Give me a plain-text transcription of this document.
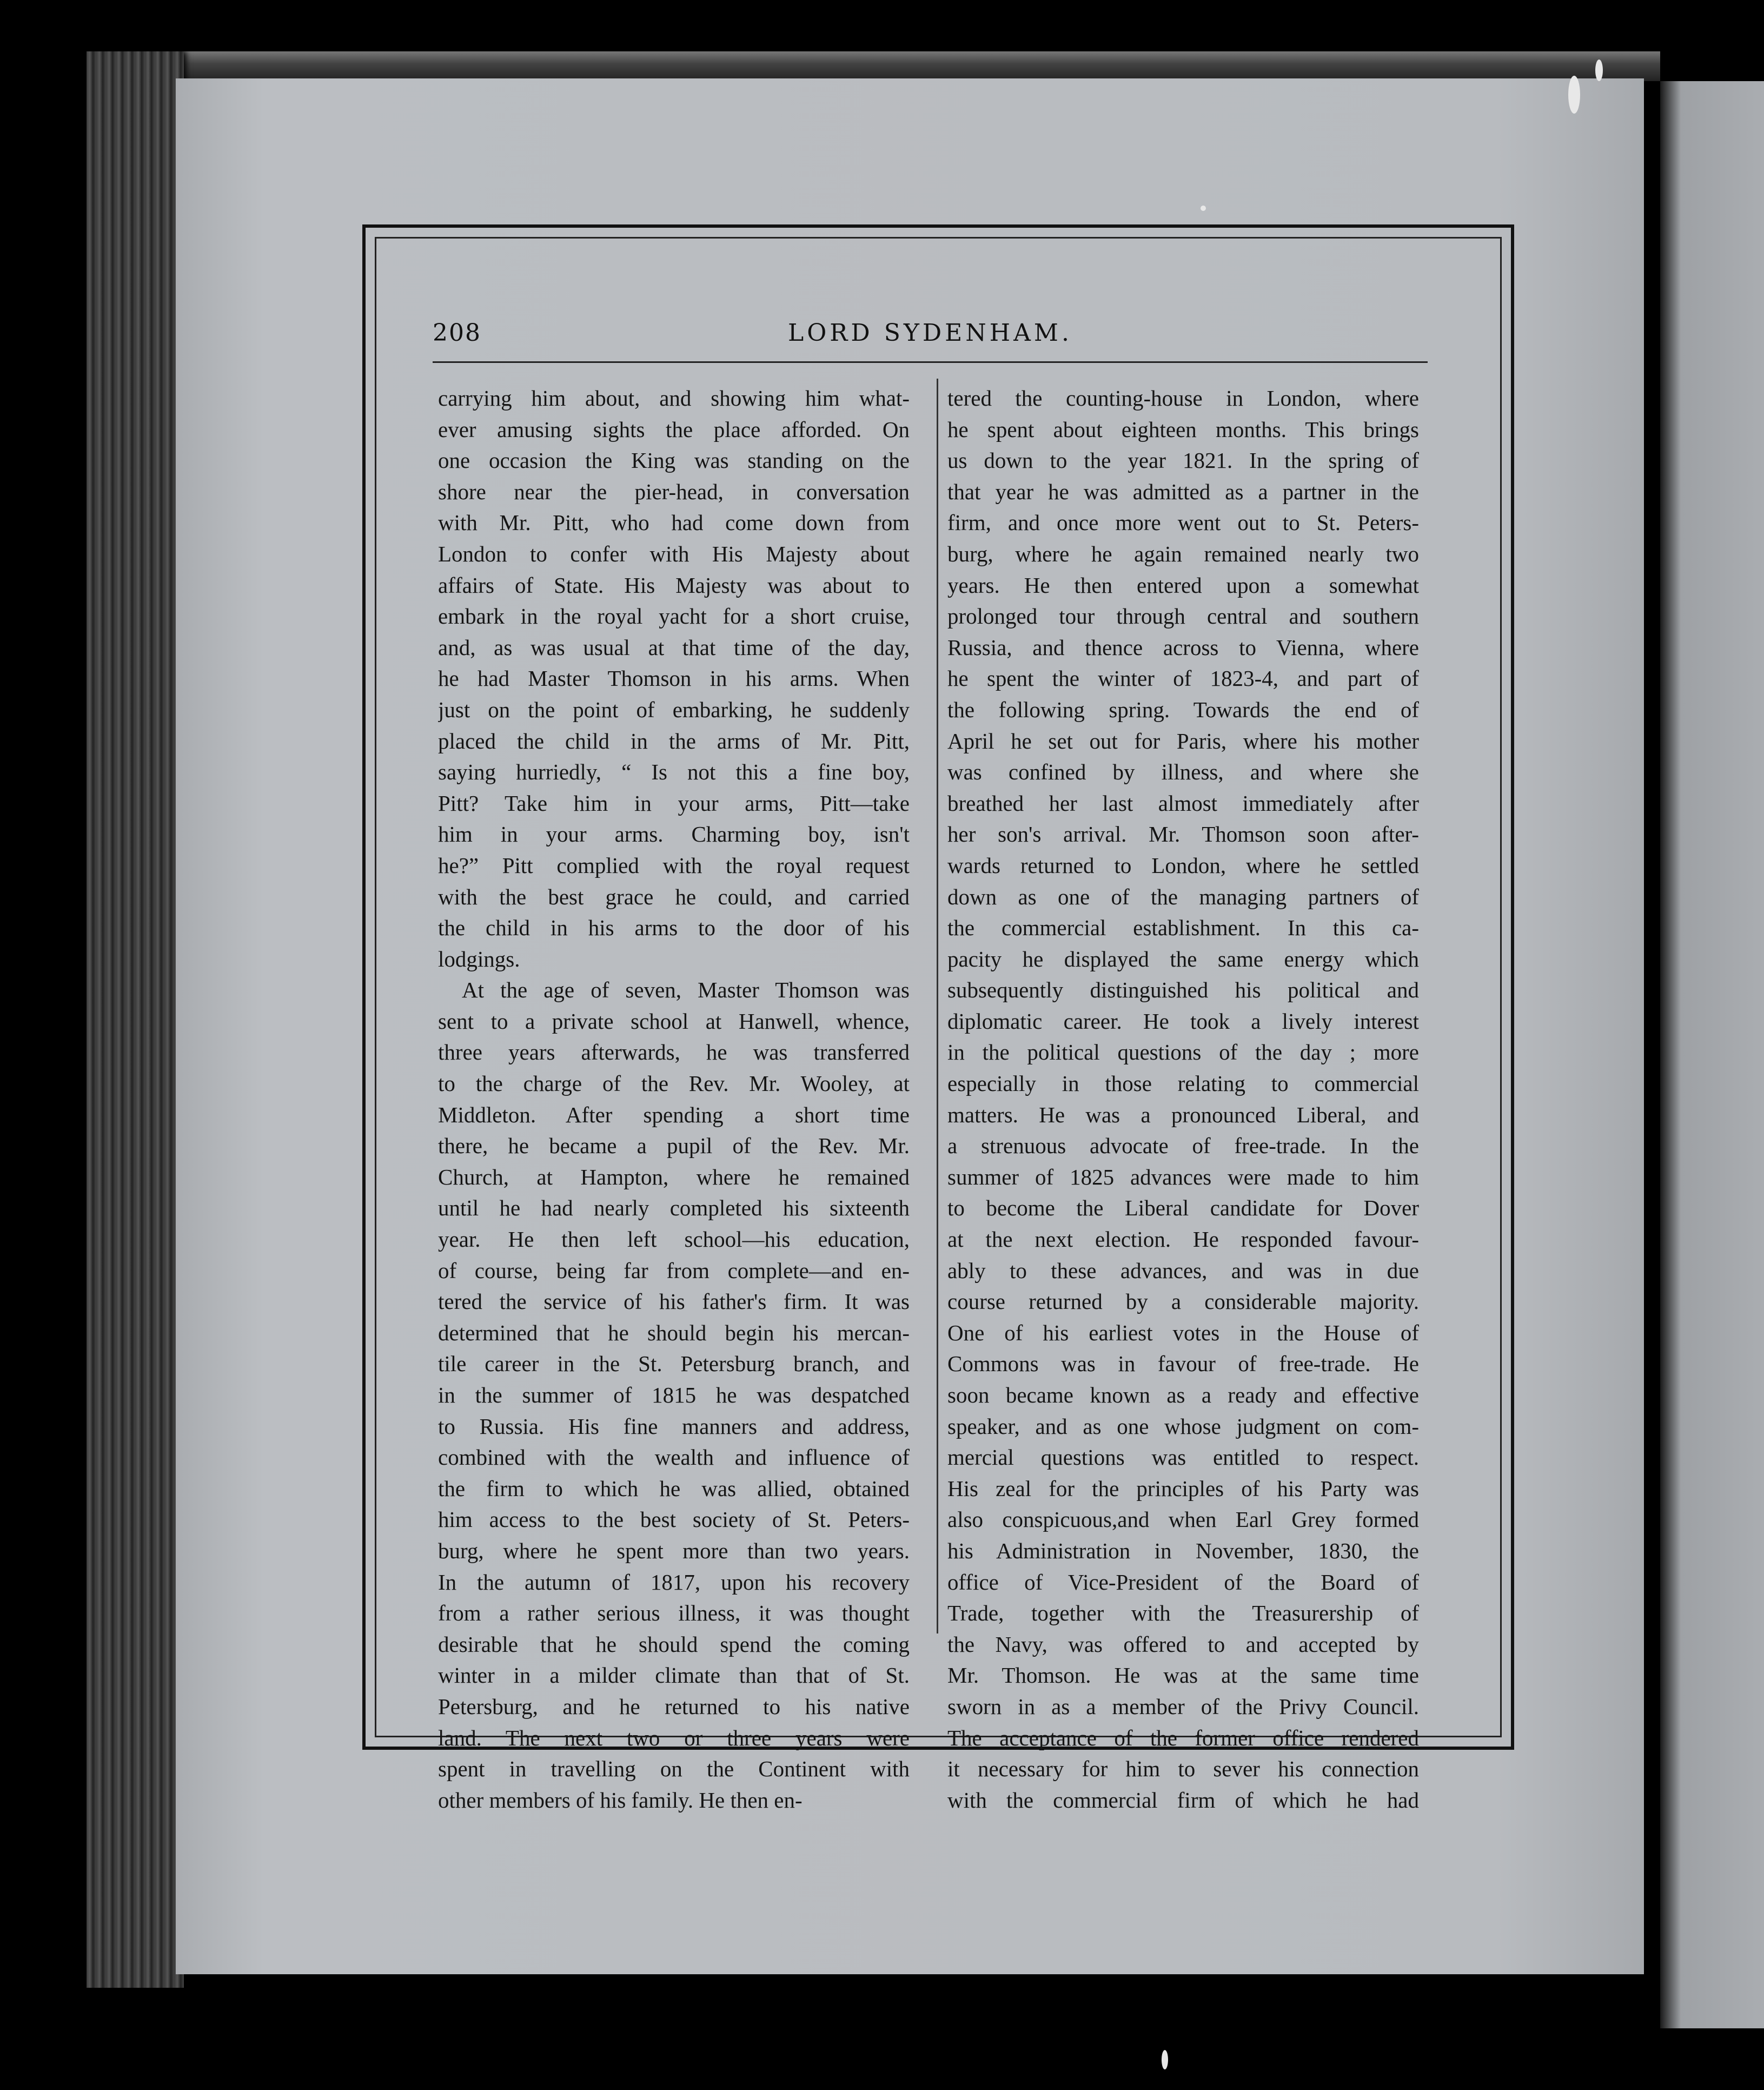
208	LORD SYDENHAM.
carrying him about, and showing him what-
ever amusing sights the place afforded. On
one occasion the King was standing on the
shore near the pier-head, in conversation
with Mr. Pitt, who had come down from
London to confer with His Majesty about
affairs of State. His Majesty was about to
embark in the royal yacht for a short cruise,
and, as was usual at that time of the day,
he had Master Thomson in his arms. When
just on the point of embarking, he suddenly
placed the child in the arms of Mr. Pitt,
saying hurriedly, “ Is not this a fine boy,
Pitt? Take him in your arms, Pitt—take
him in your arms. Charming boy, isn't
he?” Pitt complied with the royal request
with the best grace he could, and carried
the child in his arms to the door of his
lodgings.
At the age of seven, Master Thomson was
sent to a private school at Hanwell, whence,
three years afterwards, he was transferred
to the charge of the Rev. Mr. Wooley, at
Middleton. After spending a short time
there, he became a pupil of the Rev. Mr.
Church, at Hampton, where he remained
until he had nearly completed his sixteenth
year. He then left school—his education,
of course, being far from complete—and en-
tered the service of his father's firm. It was
determined that he should begin his mercan-
tile career in the St. Petersburg branch, and
in the summer of 1815 he was despatched
to Russia. His fine manners and address,
combined with the wealth and influence of
the firm to which he was allied, obtained
him access to the best society of St. Peters-
burg, where he spent more than two years.
In the autumn of 1817, upon his recovery
from a rather serious illness, it was thought
desirable that he should spend the coming
winter in a milder climate than that of St.
Petersburg, and he returned to his native
land. The next two or three years were
spent in travelling on the Continent with
other members of his family. He then en-
tered the counting-house in London, where
he spent about eighteen months. This brings
us down to the year 1821. In the spring of
that year he was admitted as a partner in the
firm, and once more went out to St. Peters-
burg, where he again remained nearly two
years. He then entered upon a somewhat
prolonged tour through central and southern
Russia, and thence across to Vienna, where
he spent the winter of 1823-4, and part of
the following spring. Towards the end of
April he set out for Paris, where his mother
was confined by illness, and where she
breathed her last almost immediately after
her son's arrival. Mr. Thomson soon after-
wards returned to London, where he settled
down as one of the managing partners of
the commercial establishment. In this ca-
pacity he displayed the same energy which
subsequently distinguished his political and
diplomatic career. He took a lively interest
in the political questions of the day ; more
especially in those relating to commercial
matters. He was a pronounced Liberal, and
a strenuous advocate of free-trade. In the
summer of 1825 advances were made to him
to become the Liberal candidate for Dover
at the next election. He responded favour-
ably to these advances, and was in due
course returned by a considerable majority.
One of his earliest votes in the House of
Commons was in favour of free-trade. He
soon became known as a ready and effective
speaker, and as one whose judgment on com-
mercial questions was entitled to respect.
His zeal for the principles of his Party was
also conspicuous,and when Earl Grey formed
his Administration in November, 1830, the
office of Vice-President of the Board of
Trade, together with the Treasurership of
the Navy, was offered to and accepted by
Mr. Thomson. He was at the same time
sworn in as a member of the Privy Council.
The acceptance of the former office rendered
it necessary for him to sever his connection
with the commercial firm of which he had
